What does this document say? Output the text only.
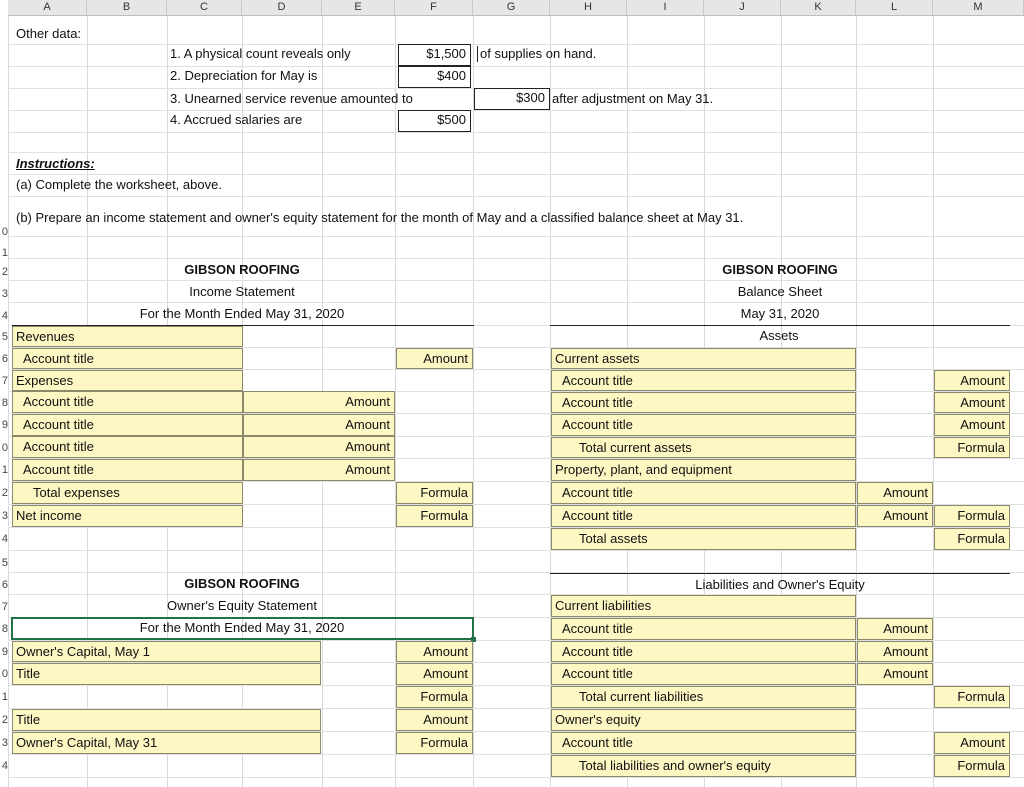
A	B	C	D	E	F	G	H	I	J	K	L	M
0
1
2
3
4
5
6
7
8
9
0
1
2
3
4
5
6
7
8
9
0
1
2
3
4
Other data:
1. A physical count reveals only	$1,500	of supplies on hand.
2. Depreciation for May is	$400
3. Unearned service revenue amounted to	$300 after adjustment on May 31.
4. Accrued salaries are	$500
Instructions:
(a) Complete the worksheet, above.
(b) Prepare an income statement and owner's equity statement for the month of May and a classified balance sheet at May 31.
GIBSON ROOFING
Income Statement
For the Month Ended May 31, 2020
Revenues
Account title	Amount
Expenses
Account title	Amount
Account title	Amount
Account title	Amount
Account title	Amount
Total expenses	Formula
Net income	Formula
GIBSON ROOFING
Owner's Equity Statement
For the Month Ended May 31, 2020
Owner's Capital, May 1	Amount
Title	Amount
Formula
Title	Amount
Owner's Capital, May 31	Formula
GIBSON ROOFING
Balance Sheet
May 31, 2020
Assets
Current assets
Account title	Amount
Account title	Amount
Account title	Amount
Total current assets	Formula
Property, plant, and equipment
Account title	Amount
Account title	Amount	Formula
Total assets	Formula
Liabilities and Owner's Equity
Current liabilities
Account title	Amount
Account title	Amount
Account title	Amount
Total current liabilities	Formula
Owner's equity
Account title	Amount
Total liabilities and owner's equity	Formula
